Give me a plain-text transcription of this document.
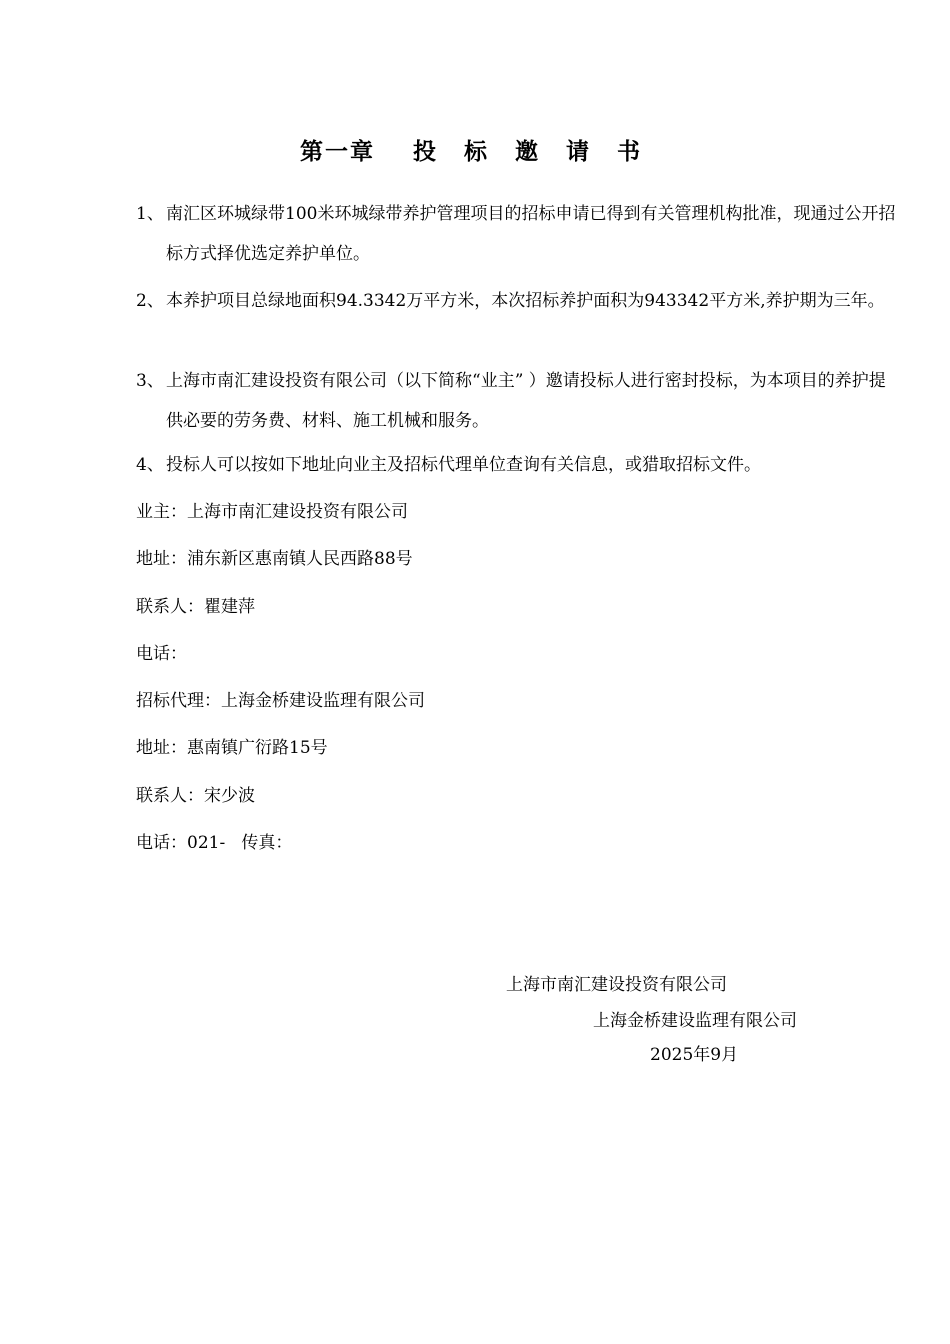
第一章 投 标 邀 请 书
1、 南汇区环城绿带100米环城绿带养护管理项目的招标申请已得到有关管理机构批准，现通过公开招标方式择优选定养护单位。
2、 本养护项目总绿地面积94.3342万平方米，本次招标养护面积为943342平方米,养护期为三年。
3、 上海市南汇建设投资有限公司（以下简称“业主” ）邀请投标人进行密封投标，为本项目的养护提供必要的劳务费、材料、施工机械和服务。
4、 投标人可以按如下地址向业主及招标代理单位查询有关信息，或猎取招标文件。
业主：上海市南汇建设投资有限公司
地址：浦东新区惠南镇人民西路88号
联系人：瞿建萍
电话：
招标代理：上海金桥建设监理有限公司
地址：惠南镇广衍路15号
联系人：宋少波
电话：021-   传真：
上海市南汇建设投资有限公司
上海金桥建设监理有限公司
2025年9月
